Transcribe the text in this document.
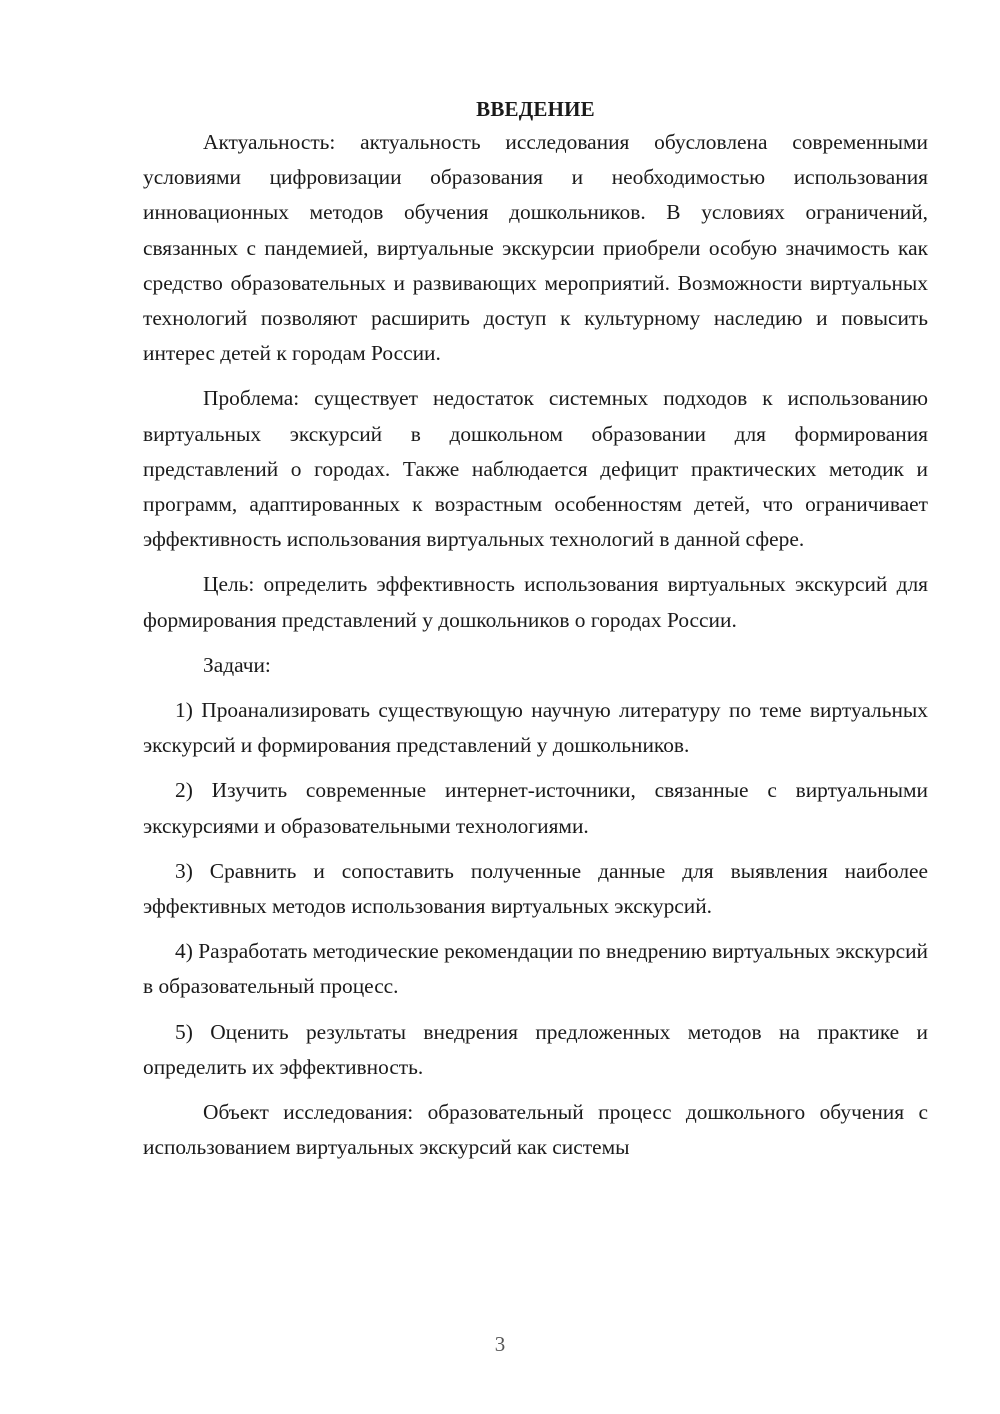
ВВЕДЕНИЕ

Актуальность: актуальность исследования обусловлена современными условиями цифровизации образования и необходимостью использования инновационных методов обучения дошкольников. В условиях ограничений, связанных с пандемией, виртуальные экскурсии приобрели особую значимость как средство образовательных и развивающих мероприятий. Возможности виртуальных технологий позволяют расширить доступ к культурному наследию и повысить интерес детей к городам России.

Проблема: существует недостаток системных подходов к использованию виртуальных экскурсий в дошкольном образовании для формирования представлений о городах. Также наблюдается дефицит практических методик и программ, адаптированных к возрастным особенностям детей, что ограничивает эффективность использования виртуальных технологий в данной сфере.

Цель: определить эффективность использования виртуальных экскурсий для формирования представлений у дошкольников о городах России.

Задачи:

1) Проанализировать существующую научную литературу по теме виртуальных экскурсий и формирования представлений у дошкольников.

2) Изучить современные интернет-источники, связанные с виртуальными экскурсиями и образовательными технологиями.

3) Сравнить и сопоставить полученные данные для выявления наиболее эффективных методов использования виртуальных экскурсий.

4) Разработать методические рекомендации по внедрению виртуальных экскурсий в образовательный процесс.

5) Оценить результаты внедрения предложенных методов на практике и определить их эффективность.

Объект исследования: образовательный процесс дошкольного обучения с использованием виртуальных экскурсий как системы

3
